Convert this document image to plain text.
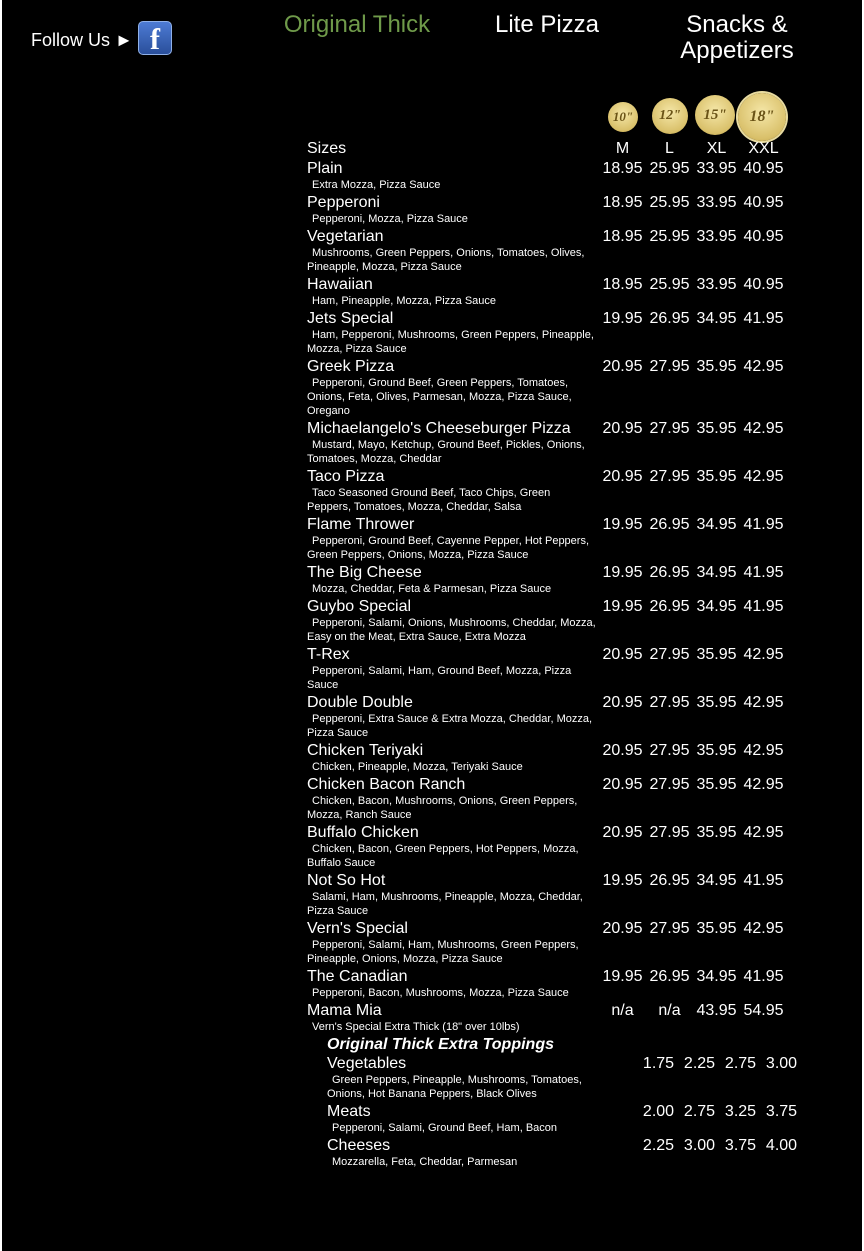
Follow Us ► f	Original Thick	Lite Pizza	Snacks & Appetizers
10"	12"	15"	18"
Sizes	M	L	XL	XXL
Plain
Extra Mozza, Pizza Sauce
18.95 25.95 33.95 40.95
Pepperoni
Pepperoni, Mozza, Pizza Sauce
18.95 25.95 33.95 40.95
Vegetarian
Mushrooms, Green Peppers, Onions, Tomatoes, Olives, Pineapple, Mozza, Pizza Sauce
18.95 25.95 33.95 40.95
Hawaiian
Ham, Pineapple, Mozza, Pizza Sauce
18.95 25.95 33.95 40.95
Jets Special
Ham, Pepperoni, Mushrooms, Green Peppers, Pineapple, Mozza, Pizza Sauce
19.95 26.95 34.95 41.95
Greek Pizza
Pepperoni, Ground Beef, Green Peppers, Tomatoes, Onions, Feta, Olives, Parmesan, Mozza, Pizza Sauce, Oregano
20.95 27.95 35.95 42.95
Michaelangelo's Cheeseburger Pizza
Mustard, Mayo, Ketchup, Ground Beef, Pickles, Onions, Tomatoes, Mozza, Cheddar
20.95 27.95 35.95 42.95
Taco Pizza
Taco Seasoned Ground Beef, Taco Chips, Green Peppers, Tomatoes, Mozza, Cheddar, Salsa
20.95 27.95 35.95 42.95
Flame Thrower
Pepperoni, Ground Beef, Cayenne Pepper, Hot Peppers, Green Peppers, Onions, Mozza, Pizza Sauce
19.95 26.95 34.95 41.95
The Big Cheese
Mozza, Cheddar, Feta & Parmesan, Pizza Sauce
19.95 26.95 34.95 41.95
Guybo Special
Pepperoni, Salami, Onions, Mushrooms, Cheddar, Mozza, Easy on the Meat, Extra Sauce, Extra Mozza
19.95 26.95 34.95 41.95
T-Rex
Pepperoni, Salami, Ham, Ground Beef, Mozza, Pizza Sauce
20.95 27.95 35.95 42.95
Double Double
Pepperoni, Extra Sauce & Extra Mozza, Cheddar, Mozza, Pizza Sauce
20.95 27.95 35.95 42.95
Chicken Teriyaki
Chicken, Pineapple, Mozza, Teriyaki Sauce
20.95 27.95 35.95 42.95
Chicken Bacon Ranch
Chicken, Bacon, Mushrooms, Onions, Green Peppers, Mozza, Ranch Sauce
20.95 27.95 35.95 42.95
Buffalo Chicken
Chicken, Bacon, Green Peppers, Hot Peppers, Mozza, Buffalo Sauce
20.95 27.95 35.95 42.95
Not So Hot
Salami, Ham, Mushrooms, Pineapple, Mozza, Cheddar, Pizza Sauce
19.95 26.95 34.95 41.95
Vern's Special
Pepperoni, Salami, Ham, Mushrooms, Green Peppers, Pineapple, Onions, Mozza, Pizza Sauce
20.95 27.95 35.95 42.95
The Canadian
Pepperoni, Bacon, Mushrooms, Mozza, Pizza Sauce
19.95 26.95 34.95 41.95
Mama Mia
Vern's Special Extra Thick (18" over 10lbs)
n/a	n/a 43.95 54.95
Original Thick Extra Toppings
Vegetables
Green Peppers, Pineapple, Mushrooms, Tomatoes, Onions, Hot Banana Peppers, Black Olives
1.75 2.25 2.75 3.00
Meats
Pepperoni, Salami, Ground Beef, Ham, Bacon
2.00 2.75 3.25 3.75
Cheeses
Mozzarella, Feta, Cheddar, Parmesan
2.25 3.00 3.75 4.00
